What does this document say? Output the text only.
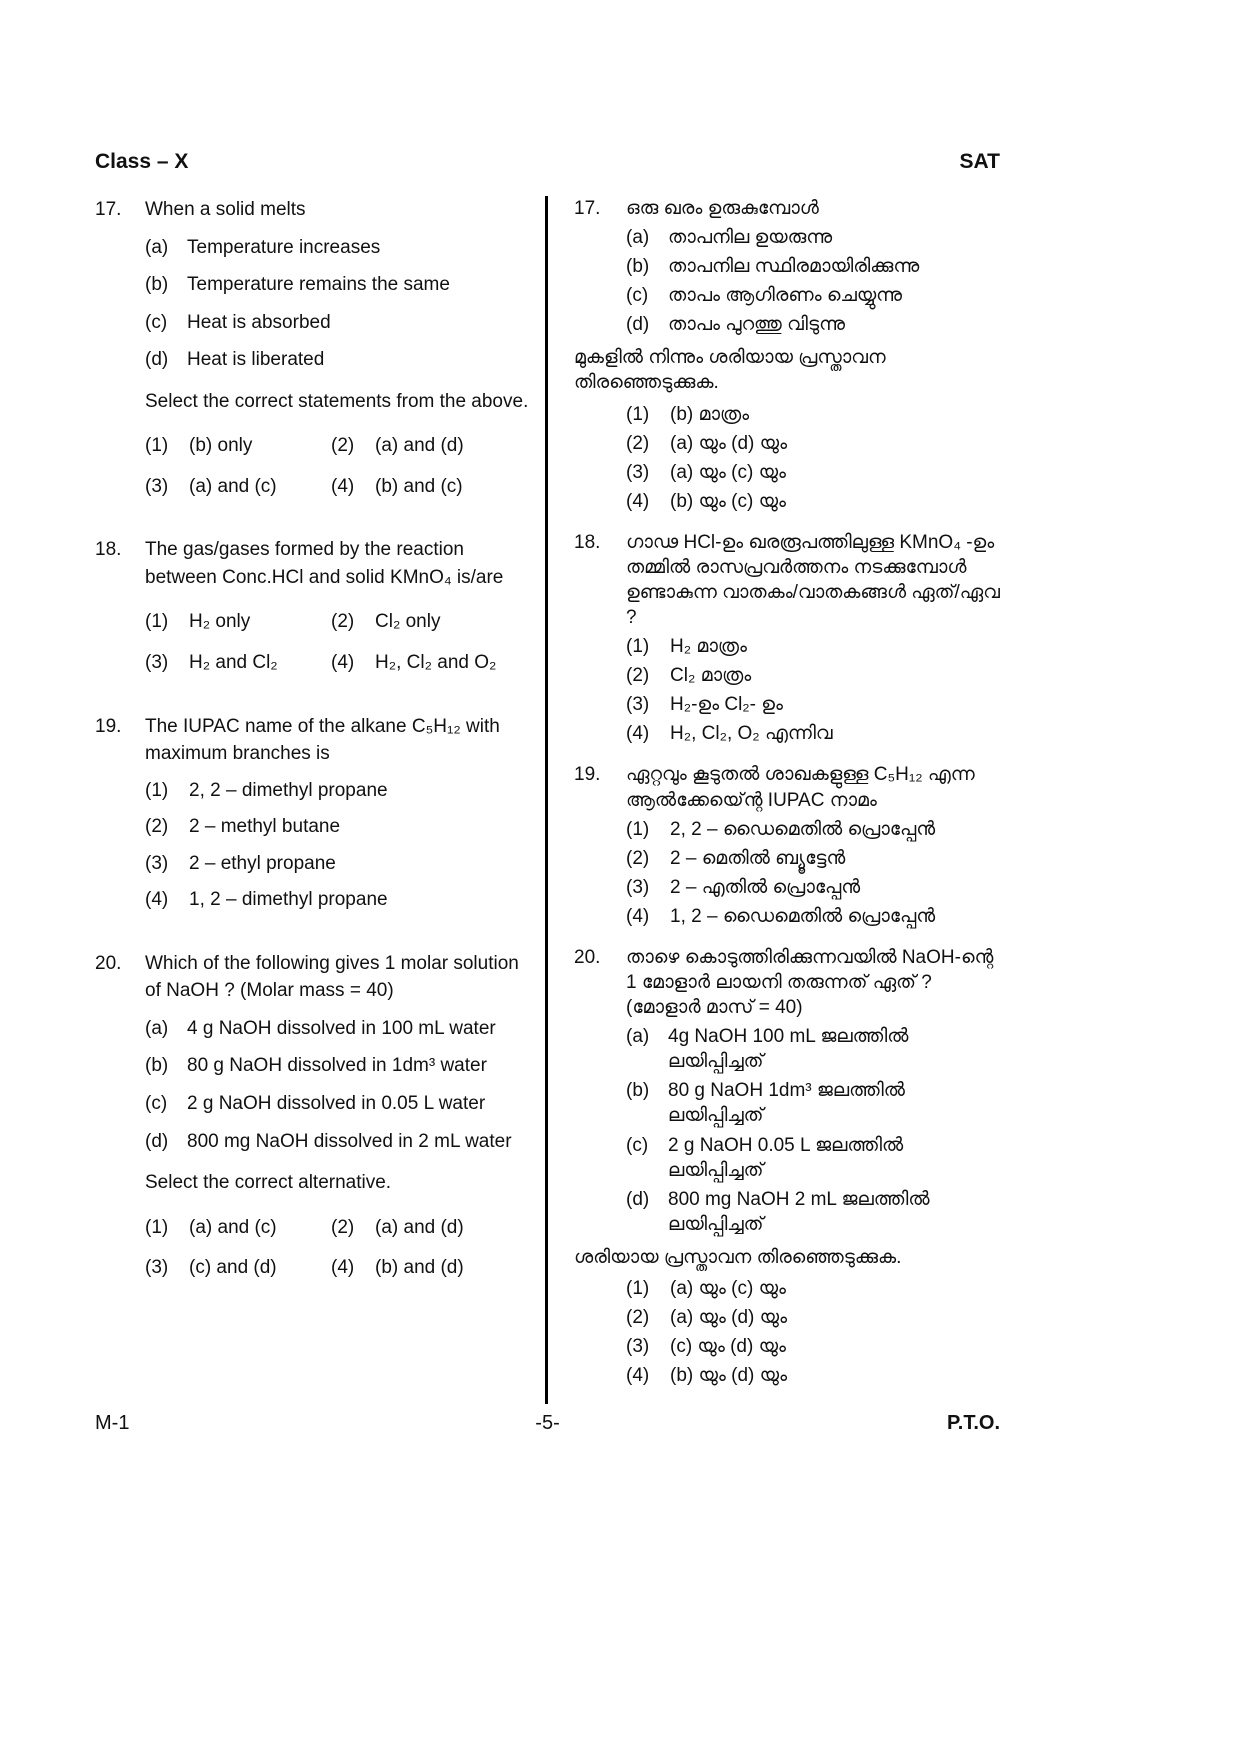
Class – X	SAT
17.	When a solid melts
(a) Temperature increases
(b) Temperature remains the same
(c)	Heat is absorbed
(d) Heat is liberated
Select the correct statements from the above.
(1)	(b) only	(2)	(a) and (d)
(3)	(a) and (c)	(4)	(b) and (c)
18.	The gas/gases formed by the reaction between Conc.HCl and solid KMnO₄ is/are
(1)	H₂ only	(2)	Cl₂ only
(3)	H₂ and Cl₂	(4)	H₂, Cl₂ and O₂
19.	The IUPAC name of the alkane C₅H₁₂ with maximum branches is
(1)	2, 2 – dimethyl propane
(2)	2 – methyl butane
(3)	2 – ethyl propane
(4)	1, 2 – dimethyl propane
20.	Which of the following gives 1 molar solution of NaOH ? (Molar mass = 40)
(a) 4 g NaOH dissolved in 100 mL water
(b) 80 g NaOH dissolved in 1dm³ water
(c)	2 g NaOH dissolved in 0.05 L water
(d) 800 mg NaOH dissolved in 2 mL water
Select the correct alternative.
(1)	(a) and (c)	(2)	(a) and (d)
(3)	(c) and (d)	(4)	(b) and (d)
17.	ഒരു ഖരം ഉരുകുമ്പോൾ
(a) താപനില ഉയരുന്നു
(b) താപനില സ്ഥിരമായിരിക്കുന്നു
(c)	താപം ആഗിരണം ചെയ്യുന്നു
(d) താപം പുറത്തു വിടുന്നു
മുകളിൽ നിന്നും ശരിയായ പ്രസ്താവന തിരഞ്ഞെടുക്കുക.
(1)	(b) മാത്രം
(2)	(a) യും (d) യും
(3)	(a) യും (c) യും
(4)	(b) യും (c) യും
18.	ഗാഢ HCl-ഉം ഖരരൂപത്തിലുള്ള KMnO₄ -ഉം തമ്മിൽ രാസപ്രവർത്തനം നടക്കുമ്പോൾ ഉണ്ടാകുന്ന വാതകം/വാതകങ്ങൾ ഏത്/ഏവ ?
(1)	H₂ മാത്രം
(2)	Cl₂ മാത്രം
(3)	H₂-ഉം Cl₂- ഉം
(4)	H₂, Cl₂, O₂ എന്നിവ
19.	ഏറ്റവും കൂടുതൽ ശാഖകളുള്ള C₅H₁₂ എന്ന ആൽക്കേയ്ന്റെ IUPAC നാമം
(1)	2, 2 – ഡൈമെതിൽ പ്രൊപ്പേൻ
(2)	2 – മെതിൽ ബ്യൂട്ടേൻ
(3)	2 – എതിൽ പ്രൊപ്പേൻ
(4)	1, 2 – ഡൈമെതിൽ പ്രൊപ്പേൻ
20.	താഴെ കൊടുത്തിരിക്കുന്നവയിൽ NaOH-ന്റെ 1 മോളാർ ലായനി തരുന്നത് ഏത് ? (മോളാർ മാസ് = 40)
(a) 4g NaOH 100 mL ജലത്തിൽ ലയിപ്പിച്ചത്
(b) 80 g NaOH 1dm³ ജലത്തിൽ ലയിപ്പിച്ചത്
(c)	2 g NaOH 0.05 L ജലത്തിൽ ലയിപ്പിച്ചത്
(d) 800 mg NaOH 2 mL ജലത്തിൽ ലയിപ്പിച്ചത്
ശരിയായ പ്രസ്താവന തിരഞ്ഞെടുക്കുക.
(1)	(a) യും (c) യും
(2)	(a) യും (d) യും
(3)	(c) യും (d) യും
(4)	(b) യും (d) യും
M-1	-5-	P.T.O.
